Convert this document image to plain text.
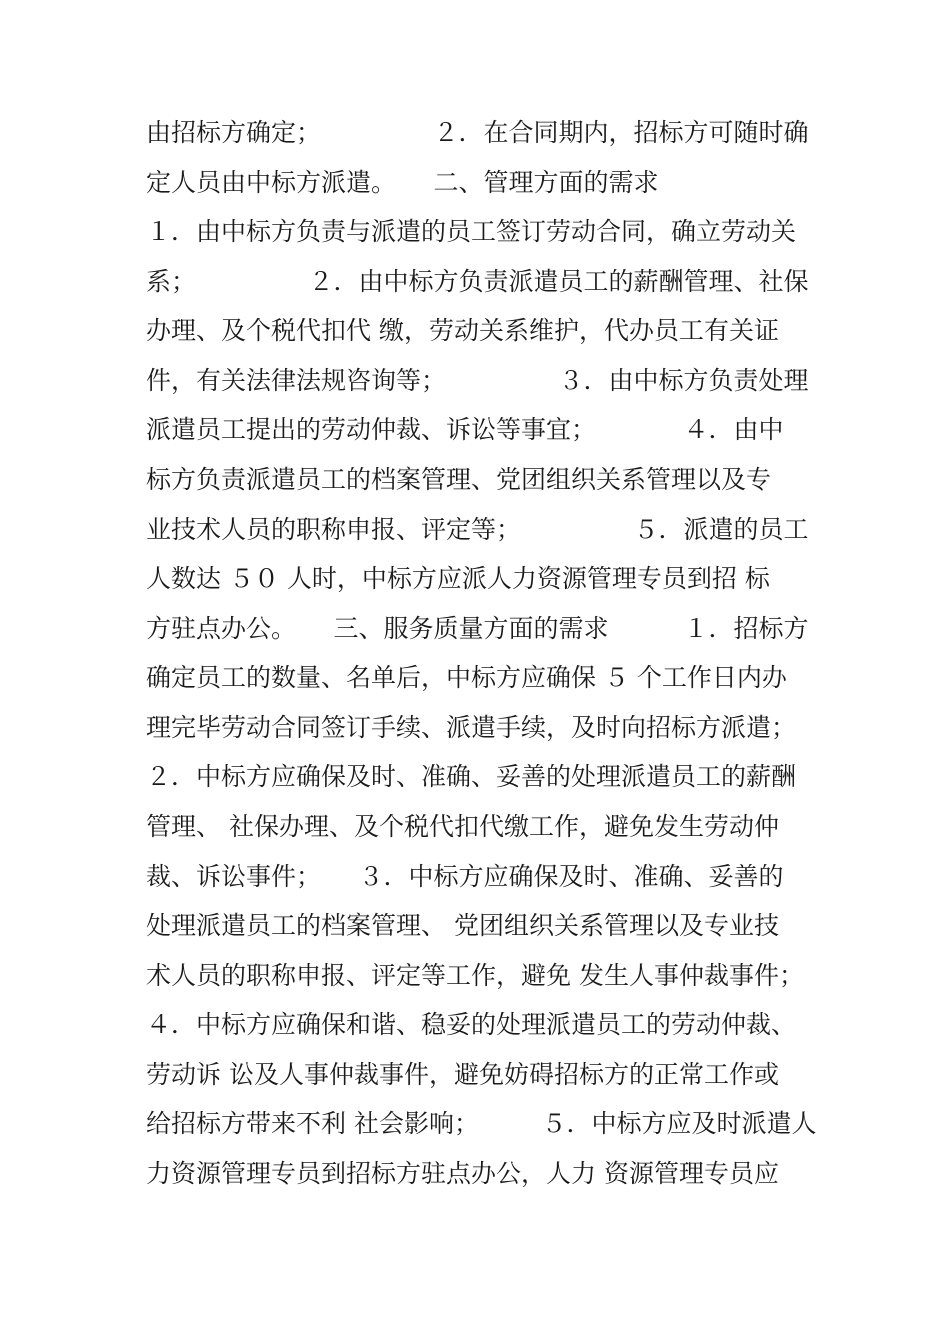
由招标方确定；　　　　　２．在合同期内，招标方可随时确
定人员由中标方派遣。　　二、管理方面的需求
１．由中标方负责与派遣的员工签订劳动合同，确立劳动关
系；　　　　　２．由中标方负责派遣员工的薪酬管理、社保
办理、及个税代扣代 缴，劳动关系维护，代办员工有关证
件，有关法律法规咨询等；　　　　　３．由中标方负责处理
派遣员工提出的劳动仲裁、诉讼等事宜；　　　　４．由中
标方负责派遣员工的档案管理、党团组织关系管理以及专
业技术人员的职称申报、评定等；　　　　　５．派遣的员工
人数达 ５０ 人时，中标方应派人力资源管理专员到招 标
方驻点办公。　　三、服务质量方面的需求　　　１．招标方
确定员工的数量、名单后，中标方应确保 ５ 个工作日内办
理完毕劳动合同签订手续、派遣手续，及时向招标方派遣；
２．中标方应确保及时、准确、妥善的处理派遣员工的薪酬
管理、 社保办理、及个税代扣代缴工作，避免发生劳动仲
裁、诉讼事件；　　３．中标方应确保及时、准确、妥善的
处理派遣员工的档案管理、 党团组织关系管理以及专业技
术人员的职称申报、评定等工作，避免 发生人事仲裁事件；
４．中标方应确保和谐、稳妥的处理派遣员工的劳动仲裁、
劳动诉 讼及人事仲裁事件，避免妨碍招标方的正常工作或
给招标方带来不利 社会影响；　　　５．中标方应及时派遣人
力资源管理专员到招标方驻点办公，人力 资源管理专员应
